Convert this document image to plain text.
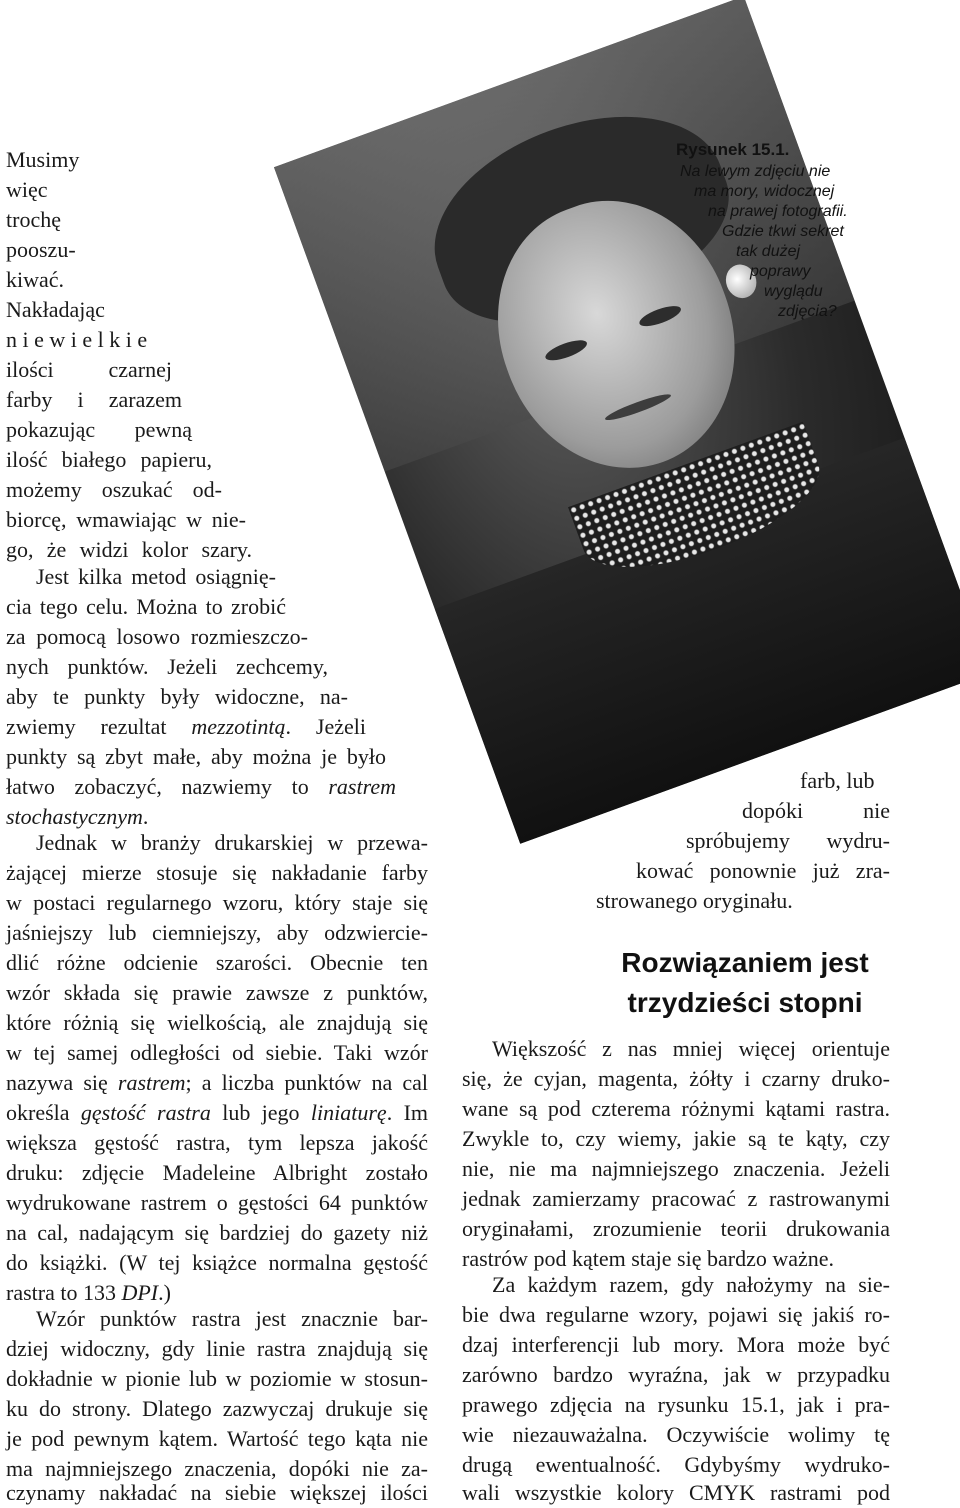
Musimy
więc
trochę
pooszu-
kiwać.
Nakładając
n i e w i e l k i e
ilości czarnej
farby i zarazem
pokazując pewną
ilość białego papieru,
możemy oszukać od-
biorcę, wmawiając w nie-
go, że widzi kolor szary.
Jest kilka metod osiągnię-
cia tego celu. Można to zrobić
za pomocą losowo rozmieszczo-
nych punktów. Jeżeli zechcemy,
aby te punkty były widoczne, na-
zwiemy rezultat mezzotintą. Jeżeli
punkty są zbyt małe, aby można je było
łatwo zobaczyć, nazwiemy to rastrem
stochastycznym.
Jednak w branży drukarskiej w przewa-
żającej mierze stosuje się nakładanie farby
w postaci regularnego wzoru, który staje się
jaśniejszy lub ciemniejszy, aby odzwiercie-
dlić różne odcienie szarości. Obecnie ten
wzór składa się prawie zawsze z punktów,
które różnią się wielkością, ale znajdują się
w tej samej odległości od siebie. Taki wzór
nazywa się rastrem; a liczba punktów na cal
określa gęstość rastra lub jego liniaturę. Im
większa gęstość rastra, tym lepsza jakość
druku: zdjęcie Madeleine Albright zostało
wydrukowane rastrem o gęstości 64 punktów
na cal, nadającym się bardziej do gazety niż
do książki. (W tej książce normalna gęstość
rastra to 133 DPI.)
Wzór punktów rastra jest znacznie bar-
dziej widoczny, gdy linie rastra znajdują się
dokładnie w pionie lub w poziomie w stosun-
ku do strony. Dlatego zazwyczaj drukuje się
je pod pewnym kątem. Wartość tego kąta nie
ma najmniejszego znaczenia, dopóki nie za-
czynamy nakładać na siebie większej ilości
farb, lub
dopóki nie
spróbujemy wydru-
kować ponownie już zra-
strowanego oryginału.
Większość z nas mniej więcej orientuje
się, że cyjan, magenta, żółty i czarny druko-
wane są pod czterema różnymi kątami rastra.
Zwykle to, czy wiemy, jakie są te kąty, czy
nie, nie ma najmniejszego znaczenia. Jeżeli
jednak zamierzamy pracować z rastrowanymi
oryginałami, zrozumienie teorii drukowania
rastrów pod kątem staje się bardzo ważne.
Za każdym razem, gdy nałożymy na sie-
bie dwa regularne wzory, pojawi się jakiś ro-
dzaj interferencji lub mory. Mora może być
zarówno bardzo wyraźna, jak w przypadku
prawego zdjęcia na rysunku 15.1, jak i pra-
wie niezauważalna. Oczywiście wolimy tę
drugą ewentualność. Gdybyśmy wydruko-
wali wszystkie kolory CMYK rastrami pod
Rysunek 15.1.
Na lewym zdjęciu nie
ma mory, widocznej
na prawej fotografii.
Gdzie tkwi sekret
tak dużej
poprawy
wyglądu
zdjęcia?
Rozwiązaniem jest
trzydzieści stopni
